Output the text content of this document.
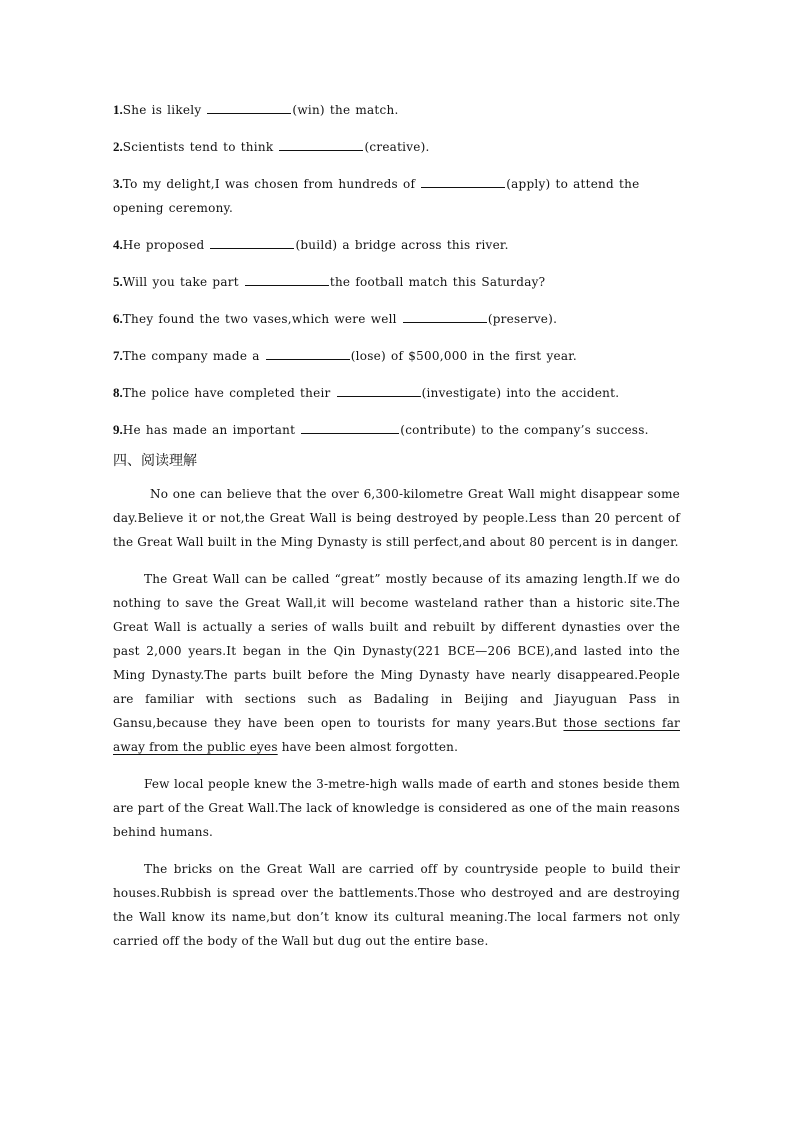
1.She is likely	(win) the match.

2.Scientists tend to think	(creative).

3.To my delight,I was chosen from hundreds of	(apply) to attend the opening ceremony.

4.He proposed	(build) a bridge across this river.

5.Will you take part	the football match this Saturday?

6.They found the two vases,which were well	(preserve).

7.The company made a	(lose) of $500,000 in the first year.

8.The police have completed their	(investigate) into the accident.

9.He has made an important	(contribute) to the company’s success.

四、阅读理解

No one can believe that the over 6,300-kilometre Great Wall might disappear some day.Believe it or not,the Great Wall is being destroyed by people.Less than 20 percent of the Great Wall built in the Ming Dynasty is still perfect,and about 80 percent is in danger.

The Great Wall can be called “great” mostly because of its amazing length.If we do nothing to save the Great Wall,it will become wasteland rather than a historic site.The Great Wall is actually a series of walls built and rebuilt by different dynasties over the past 2,000 years.It began in the Qin Dynasty(221 BCE—206 BCE),and lasted into the Ming Dynasty.The parts built before the Ming Dynasty have nearly disappeared.People are familiar with sections such as Badaling in Beijing and Jiayuguan Pass in Gansu,because they have been open to tourists for many years.But those sections far away from the public eyes have been almost forgotten.

Few local people knew the 3-metre-high walls made of earth and stones beside them are part of the Great Wall.The lack of knowledge is considered as one of the main reasons behind humans.

The bricks on the Great Wall are carried off by countryside people to build their houses.Rubbish is spread over the battlements.Those who destroyed and are destroying the Wall know its name,but don’t know its cultural meaning.The local farmers not only carried off the body of the Wall but dug out the entire base.
